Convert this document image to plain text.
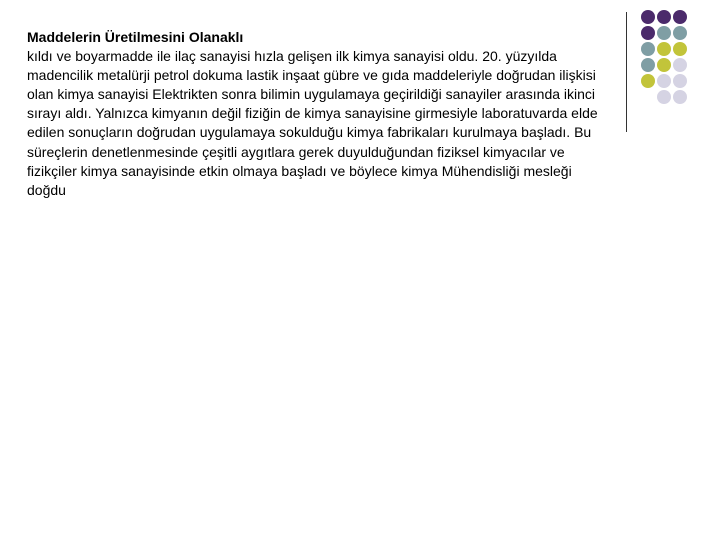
Maddelerin Üretilmesini Olanaklı

kıldı ve boyarmadde ile ilaç sanayisi hızla gelişen ilk kimya sanayisi oldu. 20. yüzyılda madencilik metalürji petrol dokuma lastik inşaat gübre ve gıda maddeleriyle doğrudan ilişkisi olan kimya sanayisi Elektrikten sonra bilimin uygulamaya geçirildiği sanayiler arasında ikinci sırayı aldı. Yalnızca kimyanın değil fiziğin de kimya sanayisine girmesiyle laboratuvarda elde edilen sonuçların doğrudan uygulamaya sokulduğu kimya fabrikaları kurulmaya başladı. Bu süreçlerin denetlenmesinde çeşitli aygıtlara gerek duyulduğundan fiziksel kimyacılar ve fizikçiler kimya sanayisinde etkin olmaya başladı ve böylece kimya Mühendisliği mesleği doğdu
